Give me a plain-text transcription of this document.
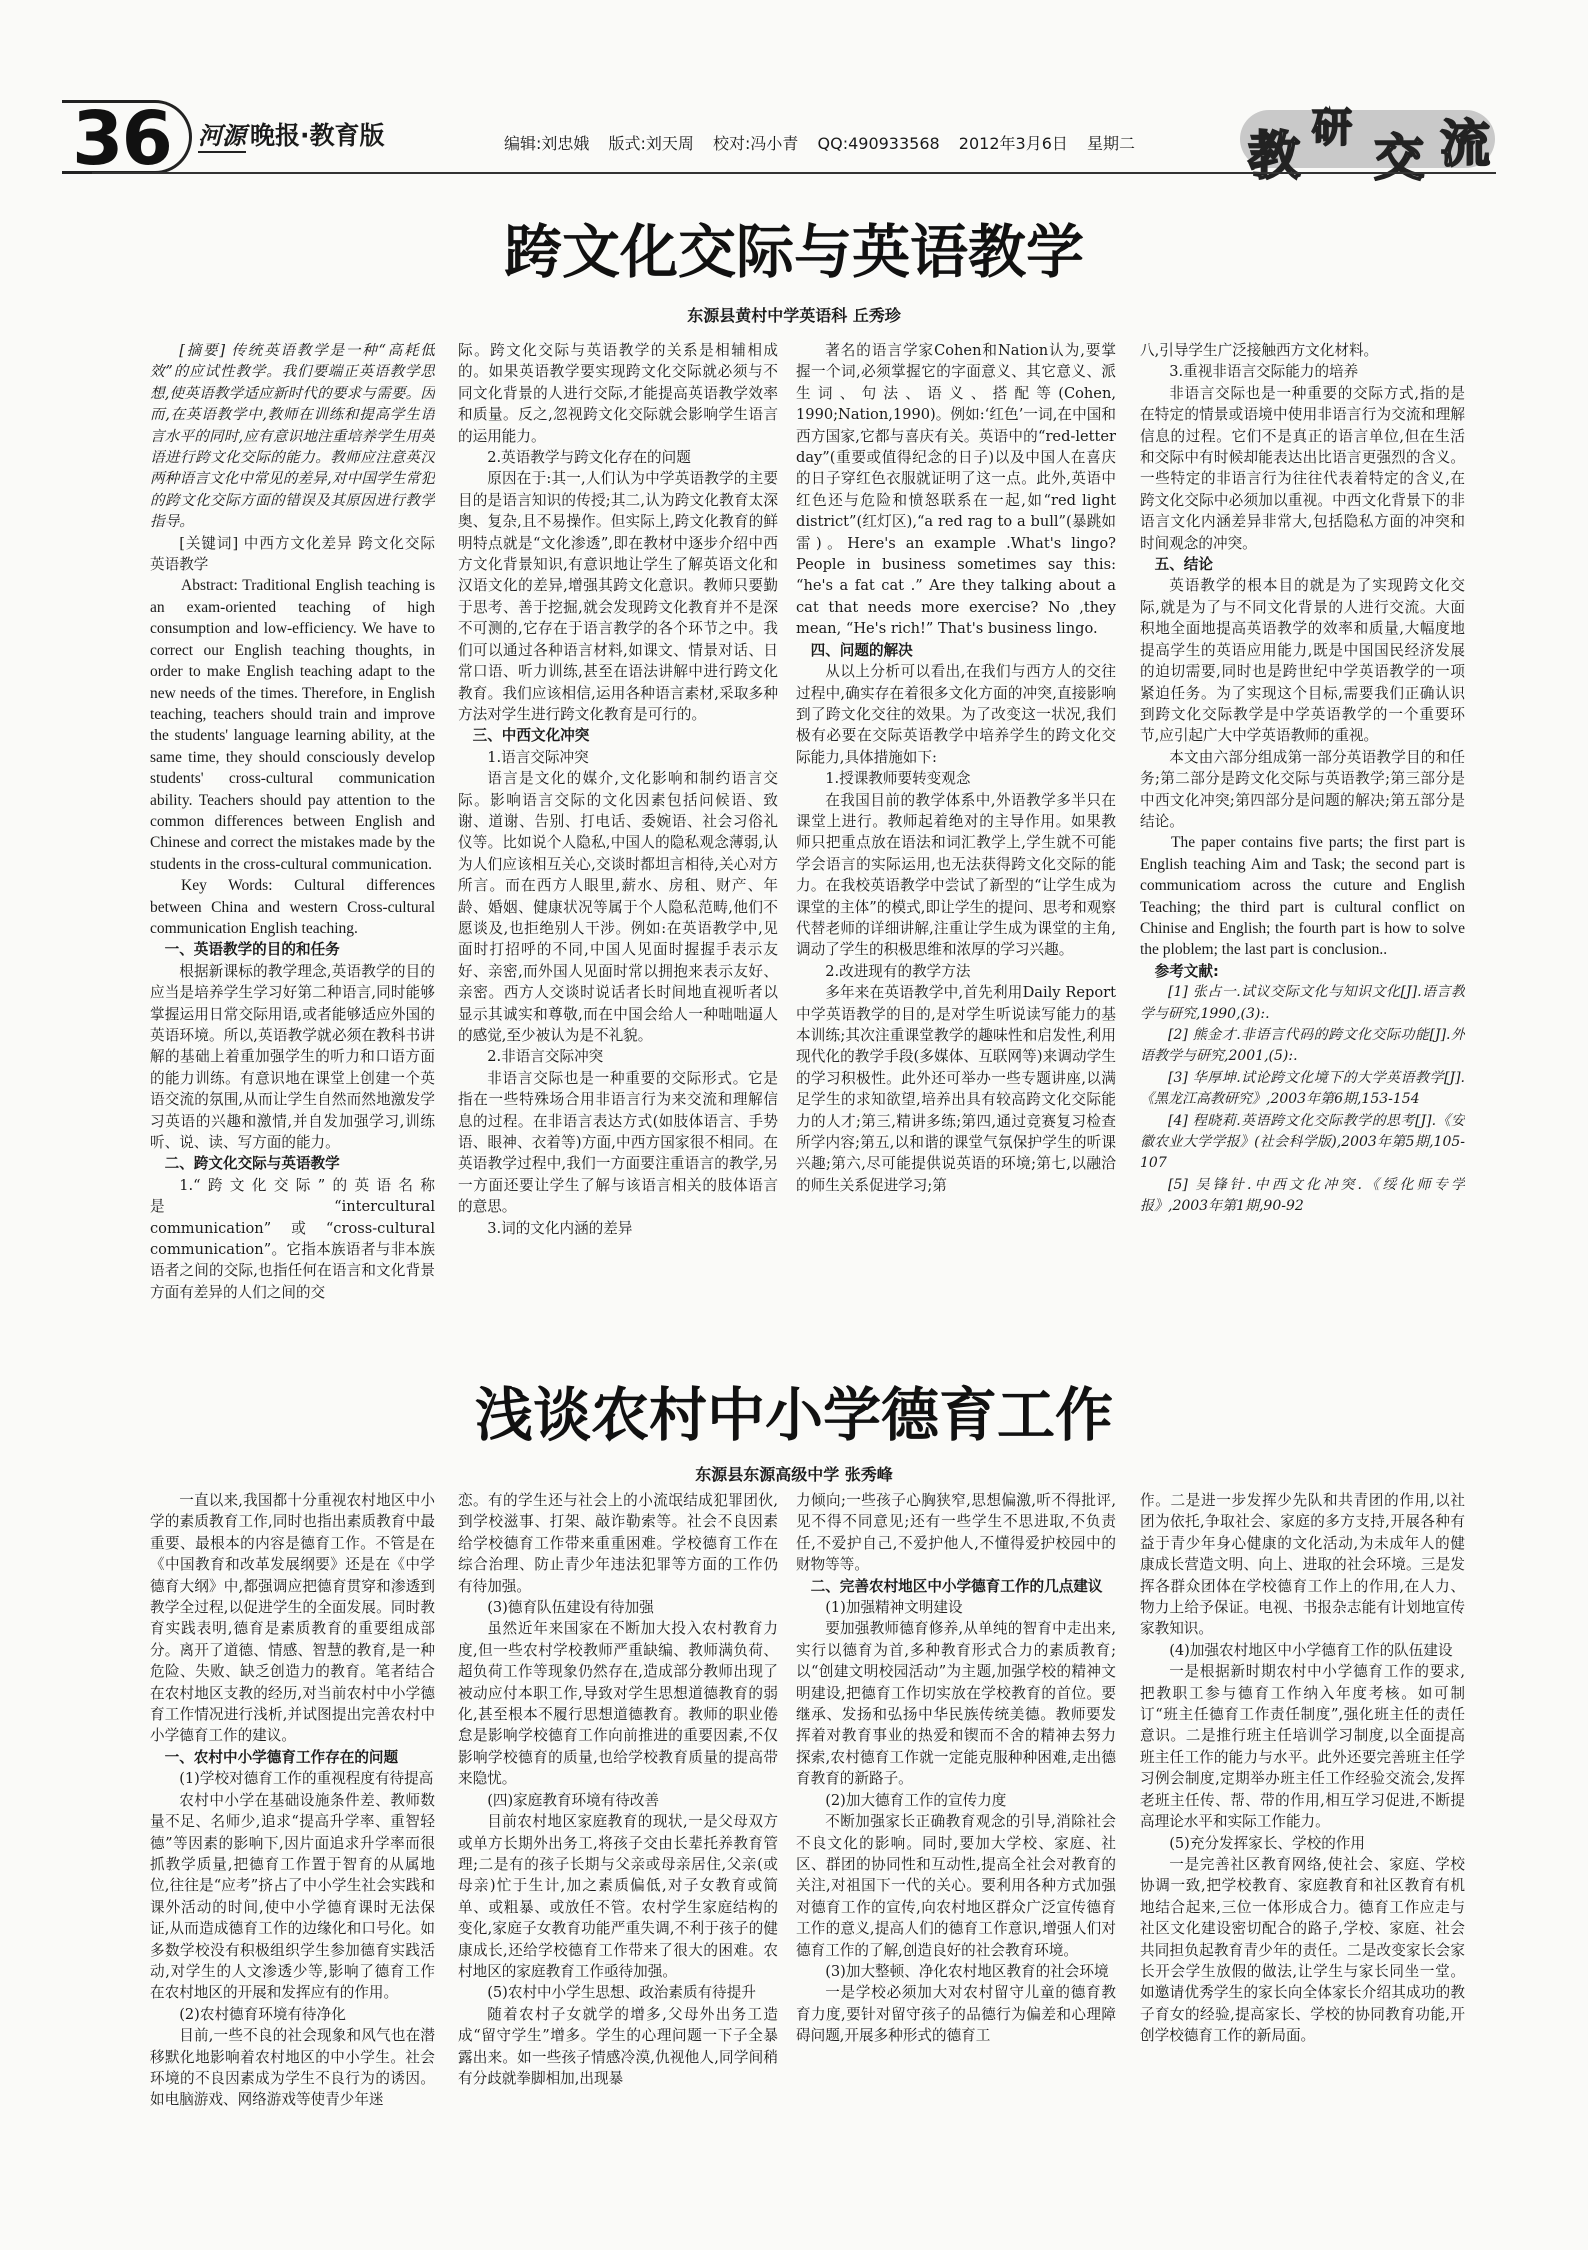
36 河源 晚报·教育版	编辑:刘忠娥 版式:刘天周 校对:冯小青 QQ:490933568 2012年3月6日 星期二 教 研
交 流
跨文化交际与英语教学
东源县黄村中学英语科 丘秀珍

[摘要] 传统英语教学是一种“高耗低效”的应试性教学。我们要端正英语教学思想,使英语教学适应新时代的要求与需要。因而,在英语教学中,教师在训练和提高学生语言水平的同时,应有意识地注重培养学生用英语进行跨文化交际的能力。教师应注意英汉两种语言文化中常见的差异,对中国学生常犯的跨文化交际方面的错误及其原因进行教学指导。

[关键词] 中西方文化差异 跨文化交际 英语教学

Abstract: Traditional English teaching is an exam-oriented teaching of high consumption and low-efficiency. We have to correct our English teaching thoughts, in order to make English teaching adapt to the new needs of the times. Therefore, in English teaching, teachers should train and improve the students' language learning ability, at the same time, they should consciously develop students' cross-cultural communication ability. Teachers should pay attention to the common differences between English and Chinese and correct the mistakes made by the students in the cross-cultural communication.

Key Words: Cultural differences between China and western Cross-cultural communication English teaching.

一、英语教学的目的和任务

根据新课标的教学理念,英语教学的目的应当是培养学生学习好第二种语言,同时能够掌握运用日常交际用语,或者能够适应外国的英语环境。所以,英语教学就必须在教科书讲解的基础上着重加强学生的听力和口语方面的能力训练。有意识地在课堂上创建一个英语交流的氛围,从而让学生自然而然地激发学习英语的兴趣和激情,并自发加强学习,训练听、说、读、写方面的能力。

二、跨文化交际与英语教学

1.“跨文化交际”的英语名称是“intercultural communication”或“cross-cultural communication”。它指本族语者与非本族语者之间的交际,也指任何在语言和文化背景方面有差异的人们之间的交

际。跨文化交际与英语教学的关系是相辅相成的。如果英语教学要实现跨文化交际就必须与不同文化背景的人进行交际,才能提高英语教学效率和质量。反之,忽视跨文化交际就会影响学生语言的运用能力。

2.英语教学与跨文化存在的问题

原因在于:其一,人们认为中学英语教学的主要目的是语言知识的传授;其二,认为跨文化教育太深奥、复杂,且不易操作。但实际上,跨文化教育的鲜明特点就是“文化渗透”,即在教材中逐步介绍中西方文化背景知识,有意识地让学生了解英语文化和汉语文化的差异,增强其跨文化意识。教师只要勤于思考、善于挖掘,就会发现跨文化教育并不是深不可测的,它存在于语言教学的各个环节之中。我们可以通过各种语言材料,如课文、情景对话、日常口语、听力训练,甚至在语法讲解中进行跨文化教育。我们应该相信,运用各种语言素材,采取多种方法对学生进行跨文化教育是可行的。

三、中西文化冲突

1.语言交际冲突

语言是文化的媒介,文化影响和制约语言交际。影响语言交际的文化因素包括问候语、致谢、道谢、告别、打电话、委婉语、社会习俗礼仪等。比如说个人隐私,中国人的隐私观念薄弱,认为人们应该相互关心,交谈时都坦言相待,关心对方所言。而在西方人眼里,薪水、房租、财产、年龄、婚姻、健康状况等属于个人隐私范畴,他们不愿谈及,也拒绝别人干涉。例如:在英语教学中,见面时打招呼的不同,中国人见面时握握手表示友好、亲密,而外国人见面时常以拥抱来表示友好、亲密。西方人交谈时说话者长时间地直视听者以显示其诚实和尊敬,而在中国会给人一种咄咄逼人的感觉,至少被认为是不礼貌。

2.非语言交际冲突

非语言交际也是一种重要的交际形式。它是指在一些特殊场合用非语言行为来交流和理解信息的过程。在非语言表达方式(如肢体语言、手势语、眼神、衣着等)方面,中西方国家很不相同。在英语教学过程中,我们一方面要注重语言的教学,另一方面还要让学生了解与该语言相关的肢体语言的意思。

3.词的文化内涵的差异

著名的语言学家Cohen和Nation认为,要掌握一个词,必须掌握它的字面意义、其它意义、派生词、句法、语义、搭配等(Cohen, 1990;Nation,1990)。例如:‘红色’一词,在中国和西方国家,它都与喜庆有关。英语中的“red-letter day”(重要或值得纪念的日子)以及中国人在喜庆的日子穿红色衣服就证明了这一点。此外,英语中红色还与危险和愤怒联系在一起,如“red light district”(红灯区),“a red rag to a bull”(暴跳如雷)。Here's an example .What's lingo? People in business sometimes say this: “he's a fat cat .” Are they talking about a cat that needs more exercise? No ,they mean, “He's rich!” That's business lingo.

四、问题的解决

从以上分析可以看出,在我们与西方人的交往过程中,确实存在着很多文化方面的冲突,直接影响到了跨文化交往的效果。为了改变这一状况,我们极有必要在交际英语教学中培养学生的跨文化交际能力,具体措施如下:

1.授课教师要转变观念

在我国目前的教学体系中,外语教学多半只在课堂上进行。教师起着绝对的主导作用。如果教师只把重点放在语法和词汇教学上,学生就不可能学会语言的实际运用,也无法获得跨文化交际的能力。在我校英语教学中尝试了新型的“让学生成为课堂的主体”的模式,即让学生的提问、思考和观察代替老师的详细讲解,注重让学生成为课堂的主角,调动了学生的积极思维和浓厚的学习兴趣。

2.改进现有的教学方法

多年来在英语教学中,首先利用Daily Report中学英语教学的目的,是对学生听说读写能力的基本训练;其次注重课堂教学的趣味性和启发性,利用现代化的教学手段(多媒体、互联网等)来调动学生的学习积极性。此外还可举办一些专题讲座,以满足学生的求知欲望,培养出具有较高跨文化交际能力的人才;第三,精讲多练;第四,通过竞赛复习检查所学内容;第五,以和谐的课堂气氛保护学生的听课兴趣;第六,尽可能提供说英语的环境;第七,以融洽的师生关系促进学习;第

八,引导学生广泛接触西方文化材料。

3.重视非语言交际能力的培养

非语言交际也是一种重要的交际方式,指的是在特定的情景或语境中使用非语言行为交流和理解信息的过程。它们不是真正的语言单位,但在生活和交际中有时候却能表达出比语言更强烈的含义。一些特定的非语言行为往往代表着特定的含义,在跨文化交际中必须加以重视。中西文化背景下的非语言文化内涵差异非常大,包括隐私方面的冲突和时间观念的冲突。

五、结论

英语教学的根本目的就是为了实现跨文化交际,就是为了与不同文化背景的人进行交流。大面积地全面地提高英语教学的效率和质量,大幅度地提高学生的英语应用能力,既是中国国民经济发展的迫切需要,同时也是跨世纪中学英语教学的一项紧迫任务。为了实现这个目标,需要我们正确认识到跨文化交际教学是中学英语教学的一个重要环节,应引起广大中学英语教师的重视。

本文由六部分组成第一部分英语教学目的和任务;第二部分是跨文化交际与英语教学;第三部分是中西文化冲突;第四部分是问题的解决;第五部分是结论。

The paper contains five parts; the first part is English teaching Aim and Task; the second part is communicatiom across the cuture and English Teaching; the third part is cultural conflict on Chinise and English; the fourth part is how to solve the ploblem; the last part is conclusion..

参考文献:

[1] 张占一.试议交际文化与知识文化[J].语言教学与研究,1990,(3):.

[2] 熊金才.非语言代码的跨文化交际功能[J].外语教学与研究,2001,(5):.

[3] 华厚坤.试论跨文化境下的大学英语教学[J].《黑龙江高教研究》,2003年第6期,153-154

[4] 程晓莉.英语跨文化交际教学的思考[J].《安徽农业大学学报》(社会科学版),2003年第5期,105-107

[5] 吴锋针.中西文化冲突.《绥化师专学报》,2003年第1期,90-92

浅谈农村中小学德育工作
东源县东源高级中学 张秀峰

一直以来,我国都十分重视农村地区中小学的素质教育工作,同时也指出素质教育中最重要、最根本的内容是德育工作。不管是在《中国教育和改革发展纲要》还是在《中学德育大纲》中,都强调应把德育贯穿和渗透到教学全过程,以促进学生的全面发展。同时教育实践表明,德育是素质教育的重要组成部分。离开了道德、情感、智慧的教育,是一种危险、失败、缺乏创造力的教育。笔者结合在农村地区支教的经历,对当前农村中小学德育工作情况进行浅析,并试图提出完善农村中小学德育工作的建议。

一、农村中小学德育工作存在的问题

(1)学校对德育工作的重视程度有待提高

农村中小学在基础设施条件差、教师数量不足、名师少,追求“提高升学率、重智轻德”等因素的影响下,因片面追求升学率而很抓教学质量,把德育工作置于智育的从属地位,往往是“应考”挤占了中小学生社会实践和课外活动的时间,使中小学德育课时无法保证,从而造成德育工作的边缘化和口号化。如多数学校没有积极组织学生参加德育实践活动,对学生的人文渗透少等,影响了德育工作在农村地区的开展和发挥应有的作用。

(2)农村德育环境有待净化

目前,一些不良的社会现象和风气也在潜移默化地影响着农村地区的中小学生。社会环境的不良因素成为学生不良行为的诱因。如电脑游戏、网络游戏等使青少年迷

恋。有的学生还与社会上的小流氓结成犯罪团伙,到学校滋事、打架、敲诈勒索等。社会不良因素给学校德育工作带来重重困难。学校德育工作在综合治理、防止青少年违法犯罪等方面的工作仍有待加强。

(3)德育队伍建设有待加强

虽然近年来国家在不断加大投入农村教育力度,但一些农村学校教师严重缺编、教师满负荷、超负荷工作等现象仍然存在,造成部分教师出现了被动应付本职工作,导致对学生思想道德教育的弱化,甚至根本不履行思想道德教育。教师的职业倦怠是影响学校德育工作向前推进的重要因素,不仅影响学校德育的质量,也给学校教育质量的提高带来隐忧。

(四)家庭教育环境有待改善

目前农村地区家庭教育的现状,一是父母双方或单方长期外出务工,将孩子交由长辈托养教育管理;二是有的孩子长期与父亲或母亲居住,父亲(或母亲)忙于生计,加之素质偏低,对子女教育或简单、或粗暴、或放任不管。农村学生家庭结构的变化,家庭子女教育功能严重失调,不利于孩子的健康成长,还给学校德育工作带来了很大的困难。农村地区的家庭教育工作亟待加强。

(5)农村中小学生思想、政治素质有待提升

随着农村子女就学的增多,父母外出务工造成“留守学生”增多。学生的心理问题一下子全暴露出来。如一些孩子情感冷漠,仇视他人,同学间稍有分歧就拳脚相加,出现暴

力倾向;一些孩子心胸狭窄,思想偏激,听不得批评,见不得不同意见;还有一些学生不思进取,不负责任,不爱护自己,不爱护他人,不懂得爱护校园中的财物等等。

二、完善农村地区中小学德育工作的几点建议

(1)加强精神文明建设

要加强教师德育修养,从单纯的智育中走出来,实行以德育为首,多种教育形式合力的素质教育;以“创建文明校园活动”为主题,加强学校的精神文明建设,把德育工作切实放在学校教育的首位。要继承、发扬和弘扬中华民族传统美德。教师要发挥着对教育事业的热爱和锲而不舍的精神去努力探索,农村德育工作就一定能克服种种困难,走出德育教育的新路子。

(2)加大德育工作的宣传力度

不断加强家长正确教育观念的引导,消除社会不良文化的影响。同时,要加大学校、家庭、社区、群团的协同性和互动性,提高全社会对教育的关注,对祖国下一代的关心。要利用各种方式加强对德育工作的宣传,向农村地区群众广泛宣传德育工作的意义,提高人们的德育工作意识,增强人们对德育工作的了解,创造良好的社会教育环境。

(3)加大整顿、净化农村地区教育的社会环境

一是学校必须加大对农村留守儿童的德育教育力度,要针对留守孩子的品德行为偏差和心理障碍问题,开展多种形式的德育工

作。二是进一步发挥少先队和共青团的作用,以社团为依托,争取社会、家庭的多方支持,开展各种有益于青少年身心健康的文化活动,为未成年人的健康成长营造文明、向上、进取的社会环境。三是发挥各群众团体在学校德育工作上的作用,在人力、物力上给予保证。电视、书报杂志能有计划地宣传家教知识。

(4)加强农村地区中小学德育工作的队伍建设

一是根据新时期农村中小学德育工作的要求,把教职工参与德育工作纳入年度考核。如可制订“班主任德育工作责任制度”,强化班主任的责任意识。二是推行班主任培训学习制度,以全面提高班主任工作的能力与水平。此外还要完善班主任学习例会制度,定期举办班主任工作经验交流会,发挥老班主任传、帮、带的作用,相互学习促进,不断提高理论水平和实际工作能力。

(5)充分发挥家长、学校的作用

一是完善社区教育网络,使社会、家庭、学校协调一致,把学校教育、家庭教育和社区教育有机地结合起来,三位一体形成合力。德育工作应走与社区文化建设密切配合的路子,学校、家庭、社会共同担负起教育青少年的责任。二是改变家长会家长开会学生放假的做法,让学生与家长同坐一堂。如邀请优秀学生的家长向全体家长介绍其成功的教子育女的经验,提高家长、学校的协同教育功能,开创学校德育工作的新局面。
